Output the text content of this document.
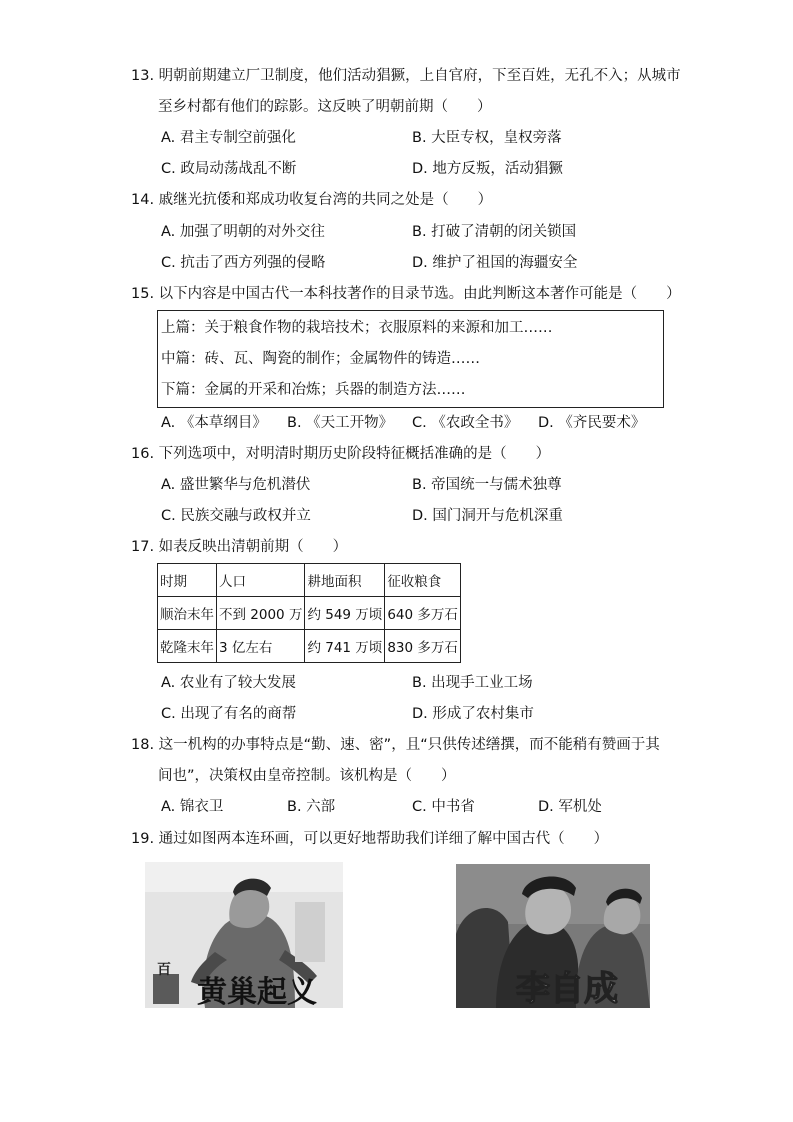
13. 明朝前期建立厂卫制度，他们活动猖獗，上自官府，下至百姓，无孔不入；从城市
至乡村都有他们的踪影。这反映了明朝前期（　　）
A. 君主专制空前强化	B. 大臣专权，皇权旁落
C. 政局动荡战乱不断	D. 地方反叛，活动猖獗
14. 戚继光抗倭和郑成功收复台湾的共同之处是（　　）
A. 加强了明朝的对外交往	B. 打破了清朝的闭关锁国
C. 抗击了西方列强的侵略	D. 维护了祖国的海疆安全
15. 以下内容是中国古代一本科技著作的目录节选。由此判断这本著作可能是（　　）
上篇：关于粮食作物的栽培技术；衣服原料的来源和加工……
中篇：砖、瓦、陶瓷的制作；金属物件的铸造……
下篇：金属的开采和冶炼；兵器的制造方法……
A. 《本草纲目》 B. 《天工开物》 C. 《农政全书》 D. 《齐民要术》
16. 下列选项中，对明清时期历史阶段特征概括准确的是（　　）
A. 盛世繁华与危机潜伏	B. 帝国统一与儒术独尊
C. 民族交融与政权并立	D. 国门洞开与危机深重
17. 如表反映出清朝前期（　　）
时期	人口	耕地面积	征收粮食
顺治末年	不到 2000 万	约 549 万顷	640 多万石
乾隆末年	3 亿左右	约 741 万顷	830 多万石
A. 农业有了较大发展	B. 出现手工业工场
C. 出现了有名的商帮	D. 形成了农村集市
18. 这一机构的办事特点是“勤、速、密”，且“只供传述缮撰，而不能稍有赞画于其
间也”，决策权由皇帝控制。该机构是（　　）
A. 锦衣卫	B. 六部	C. 中书省	D. 军机处
19. 通过如图两本连环画，可以更好地帮助我们详细了解中国古代（　　）
百
黄巢起义	李自成
